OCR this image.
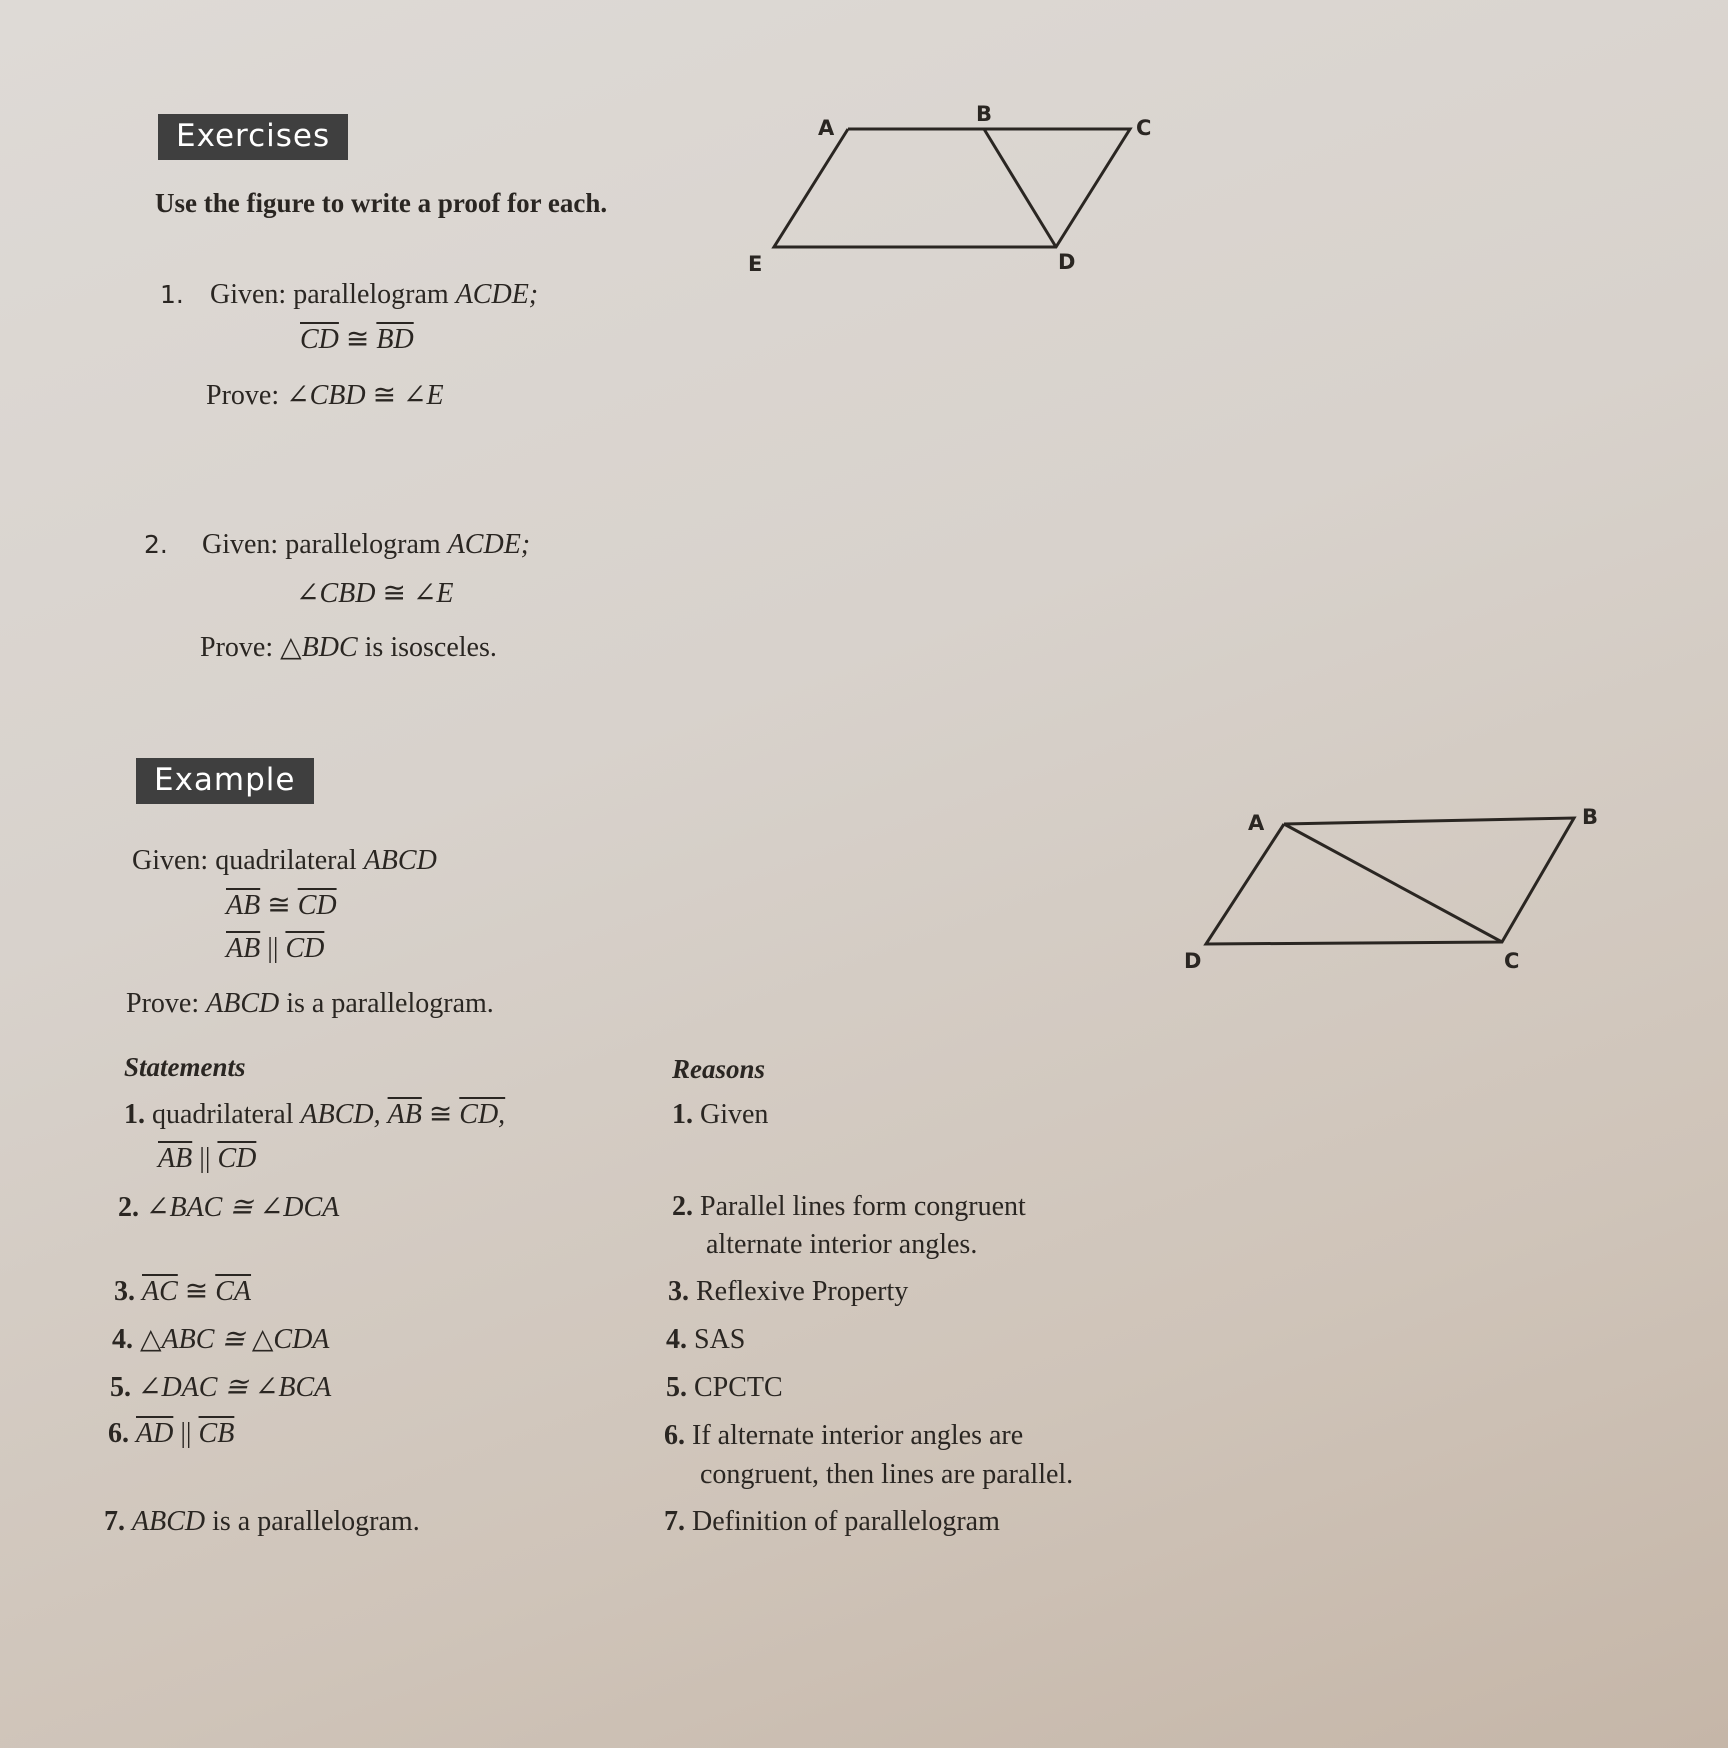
Exercises
Use the figure to write a proof for each.
1. Given: parallelogram ACDE;
$\overline{CD}$ ≅ $\overline{BD}$
Prove: ∠CBD ≅ ∠E
2. Given: parallelogram ACDE;
∠CBD ≅ ∠E
Prove: △BDC is isosceles.
A
B
C
E	D
Example
Given: quadrilateral ABCD
$\overline{AB}$ ≅ $\overline{CD}$
$\overline{AB}$ || $\overline{CD}$
Prove: ABCD is a parallelogram.
A	B
D	C
Statements	Reasons
1. quadrilateral ABCD, $\overline{AB}$ ≅ CD,
$\overline{AB}$ || $\overline{CD}$
1. Given
2. ∠BAC ≅ ∠DCA	2. Parallel lines form congruent
alternate interior angles.
3. $\overline{AC}$ ≅ $\overline{CA}$	3. Reflexive Property
4. △ABC ≅ △CDA	4. SAS
5. ∠DAC ≅ ∠BCA	5. CPCTC
6. $\overline{AD}$ || $\overline{CB}$	6. If alternate interior angles are
congruent, then lines are parallel.
7. ABCD is a parallelogram.	7. Definition of parallelogram
